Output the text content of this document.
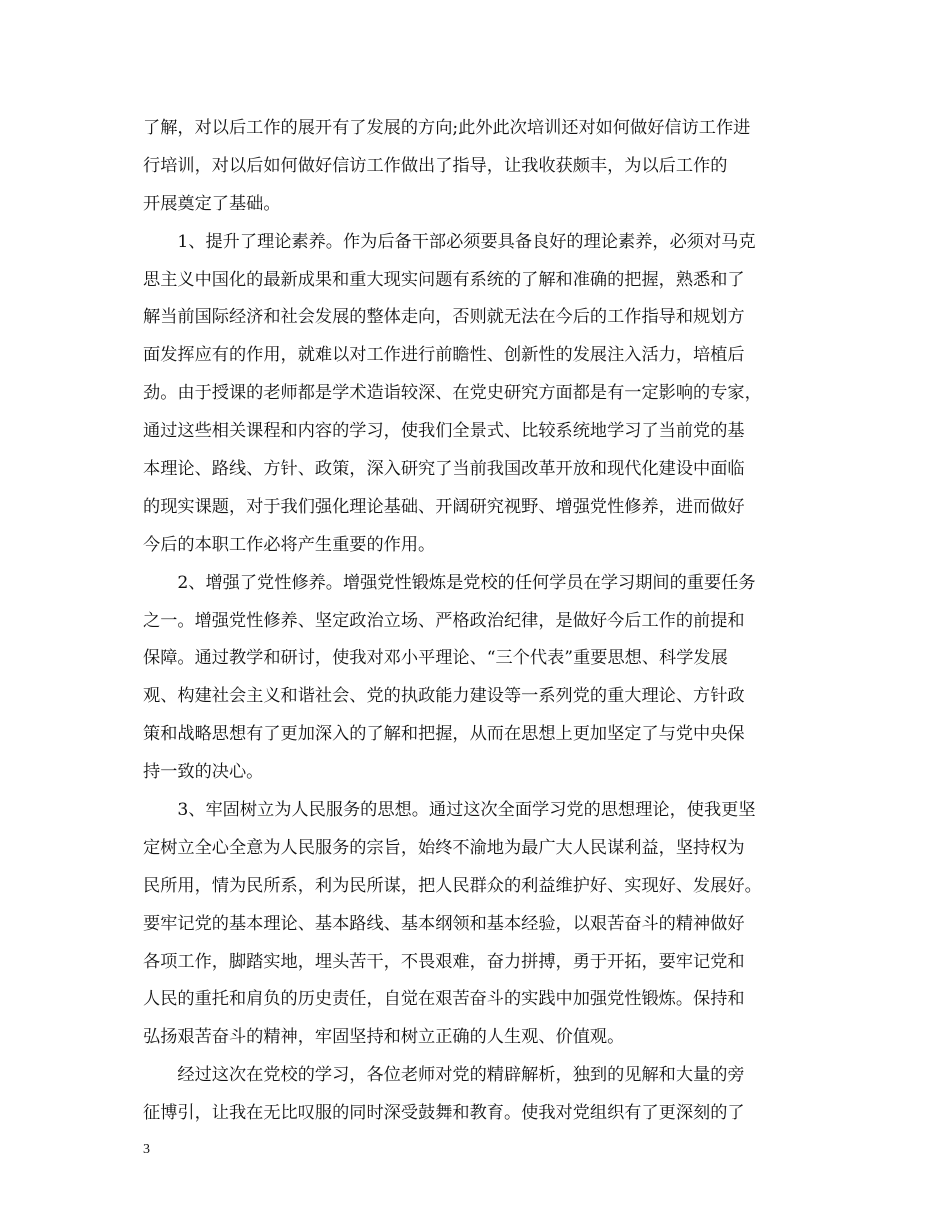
了解，对以后工作的展开有了发展的方向;此外此次培训还对如何做好信访工作进
行培训，对以后如何做好信访工作做出了指导，让我收获颇丰，为以后工作的
开展奠定了基础。
　　1、提升了理论素养。作为后备干部必须要具备良好的理论素养，必须对马克
思主义中国化的最新成果和重大现实问题有系统的了解和准确的把握，熟悉和了
解当前国际经济和社会发展的整体走向，否则就无法在今后的工作指导和规划方
面发挥应有的作用，就难以对工作进行前瞻性、创新性的发展注入活力，培植后
劲。由于授课的老师都是学术造诣较深、在党史研究方面都是有一定影响的专家，
通过这些相关课程和内容的学习，使我们全景式、比较系统地学习了当前党的基
本理论、路线、方针、政策，深入研究了当前我国改革开放和现代化建设中面临
的现实课题，对于我们强化理论基础、开阔研究视野、增强党性修养，进而做好
今后的本职工作必将产生重要的作用。
　　2、增强了党性修养。增强党性锻炼是党校的任何学员在学习期间的重要任务
之一。增强党性修养、坚定政治立场、严格政治纪律，是做好今后工作的前提和
保障。通过教学和研讨，使我对邓小平理论、“三个代表”重要思想、科学发展
观、构建社会主义和谐社会、党的执政能力建设等一系列党的重大理论、方针政
策和战略思想有了更加深入的了解和把握，从而在思想上更加坚定了与党中央保
持一致的决心。
　　3、牢固树立为人民服务的思想。通过这次全面学习党的思想理论，使我更坚
定树立全心全意为人民服务的宗旨，始终不渝地为最广大人民谋利益，坚持权为
民所用，情为民所系，利为民所谋，把人民群众的利益维护好、实现好、发展好。
要牢记党的基本理论、基本路线、基本纲领和基本经验，以艰苦奋斗的精神做好
各项工作，脚踏实地，埋头苦干，不畏艰难，奋力拼搏，勇于开拓，要牢记党和
人民的重托和肩负的历史责任，自觉在艰苦奋斗的实践中加强党性锻炼。保持和
弘扬艰苦奋斗的精神，牢固坚持和树立正确的人生观、价值观。
　　经过这次在党校的学习，各位老师对党的精辟解析，独到的见解和大量的旁
征博引，让我在无比叹服的同时深受鼓舞和教育。使我对党组织有了更深刻的了
3
